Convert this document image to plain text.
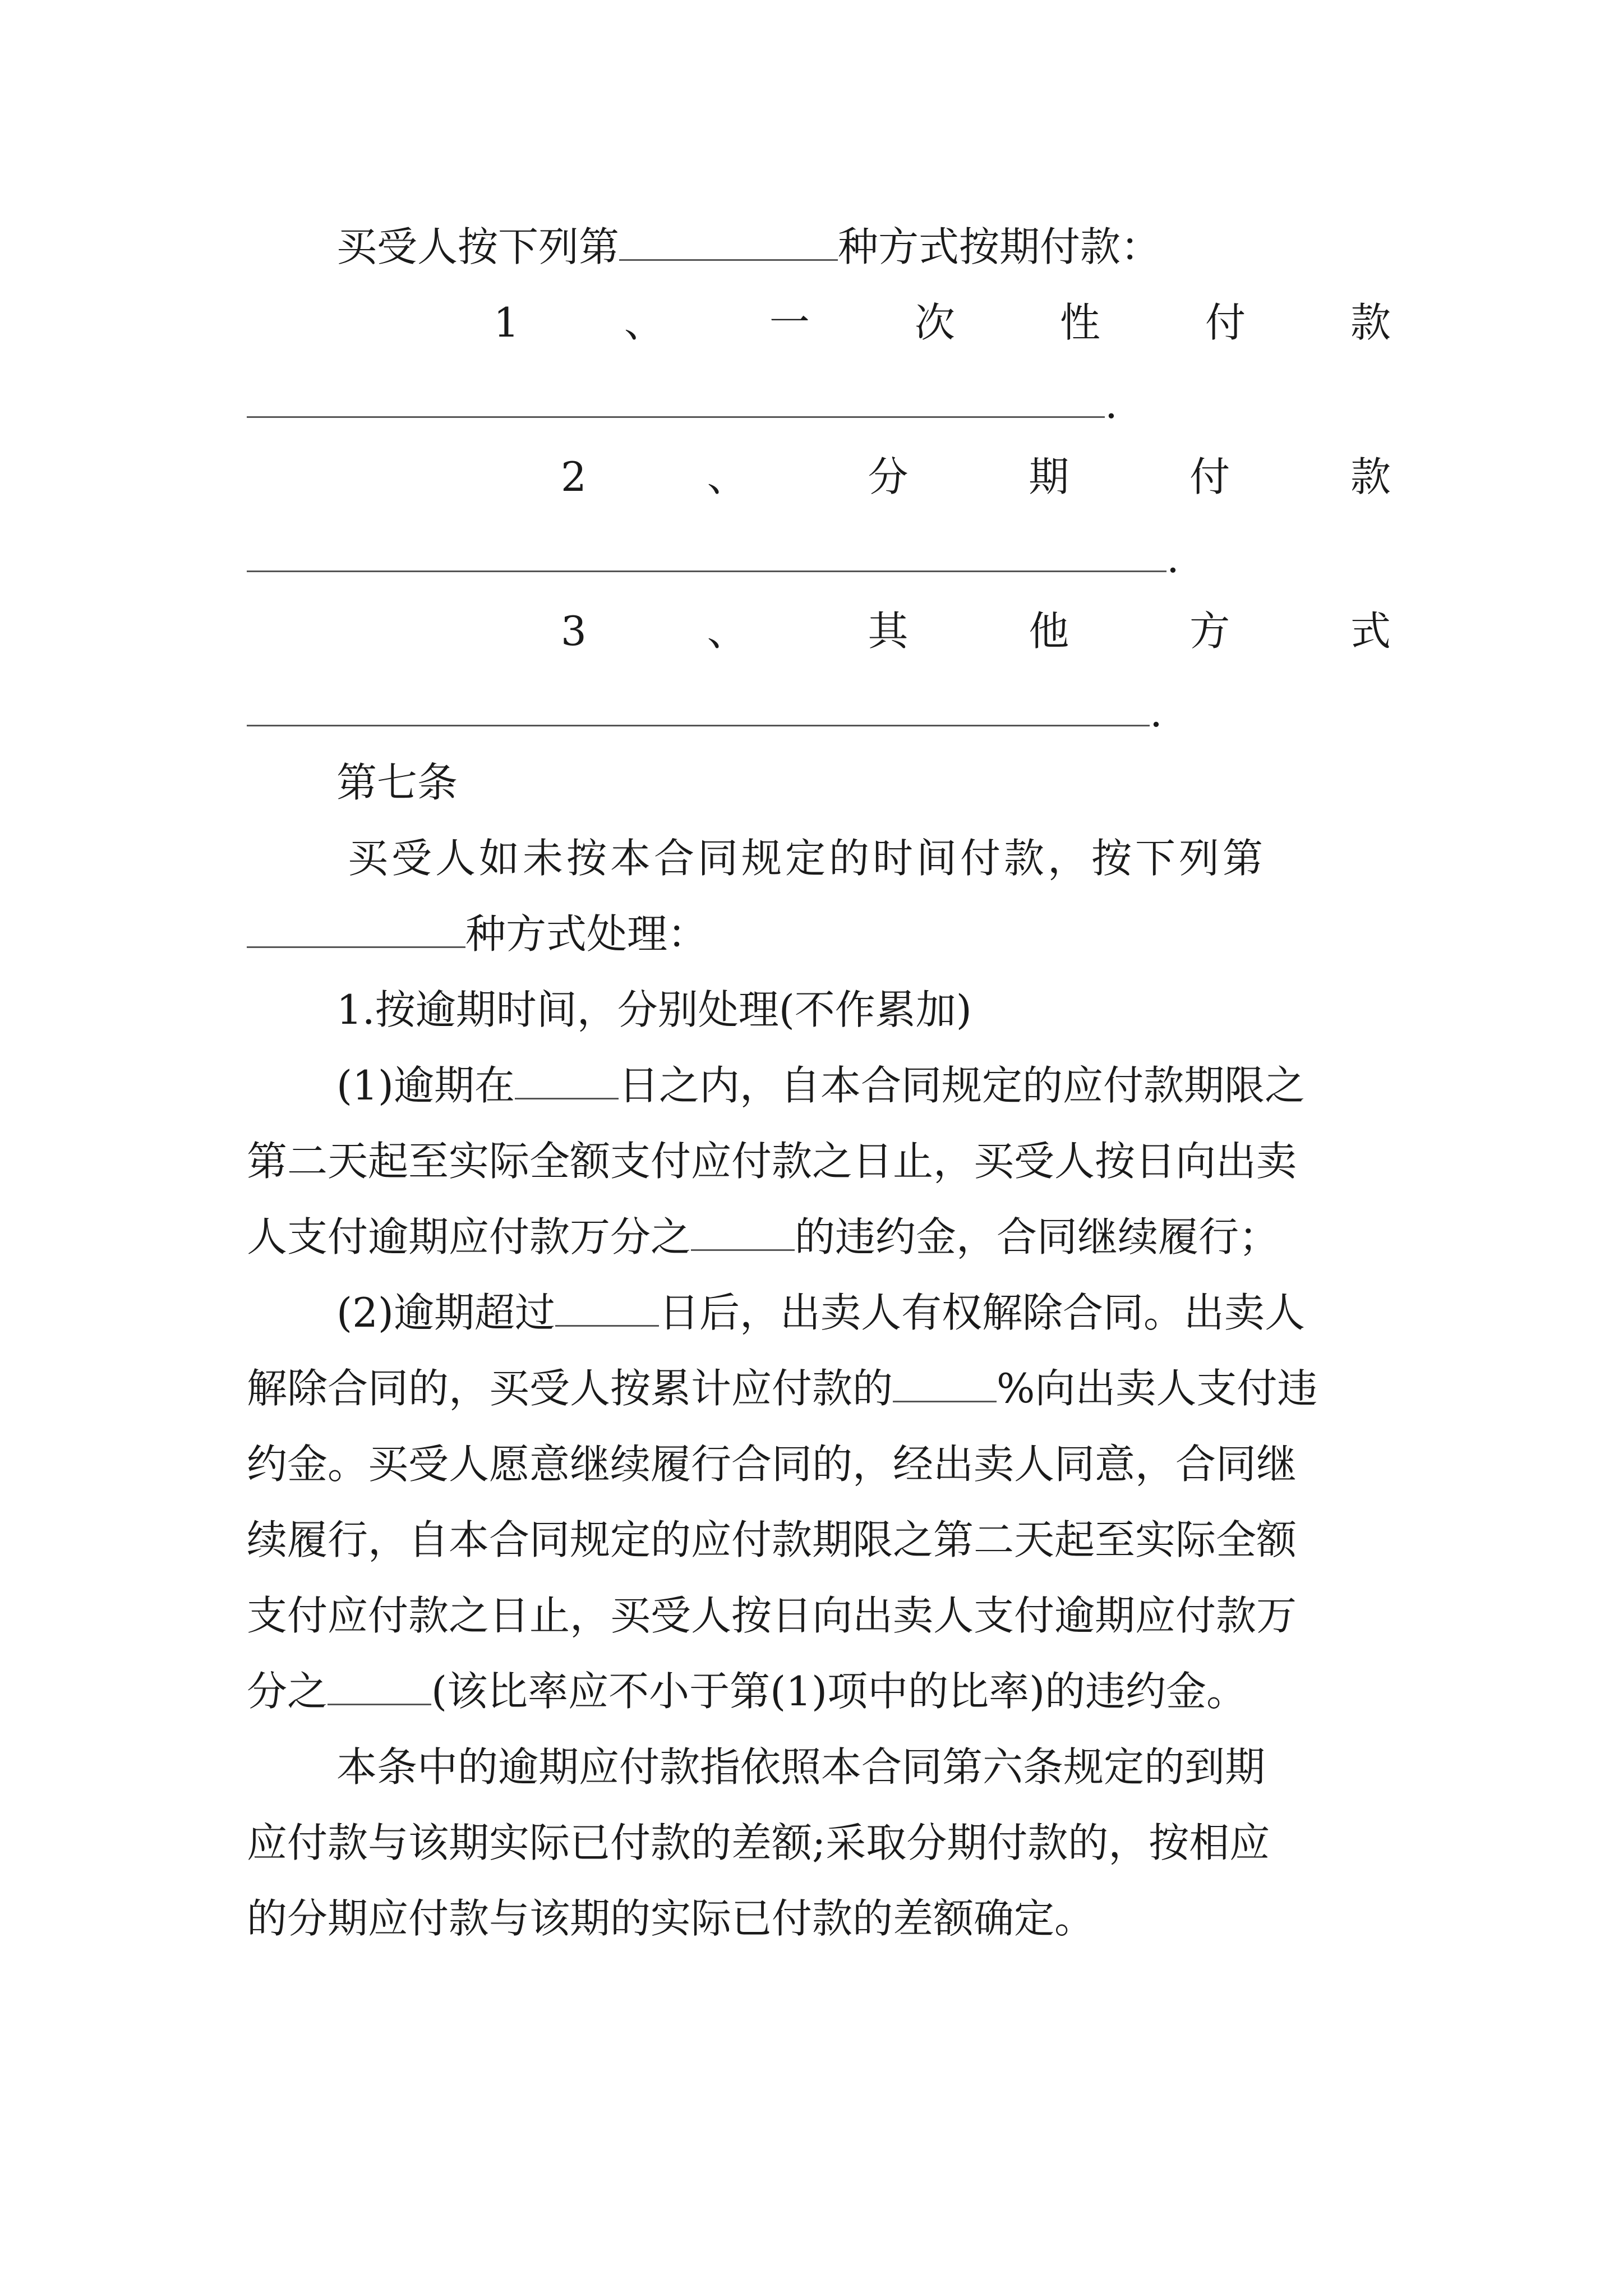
买受人按下列第	种方式按期付款：
1	、	一	次	性	付	款
.
2	、	分	期	付	款
.
3	、	其	他	方	式
.
第七条
买受人如未按本合同规定的时间付款，按下列第
种方式处理：
1.按逾期时间，分别处理(不作累加)
(1)逾期在	日之内，自本合同规定的应付款期限之
第二天起至实际全额支付应付款之日止，买受人按日向出卖
人支付逾期应付款万分之	的违约金，合同继续履行；
(2)逾期超过	日后，出卖人有权解除合同。出卖人
解除合同的，买受人按累计应付款的	%向出卖人支付违
约金。买受人愿意继续履行合同的，经出卖人同意，合同继
续履行，自本合同规定的应付款期限之第二天起至实际全额
支付应付款之日止，买受人按日向出卖人支付逾期应付款万
分之	(该比率应不小于第(1)项中的比率)的违约金。
本条中的逾期应付款指依照本合同第六条规定的到期
应付款与该期实际已付款的差额;采取分期付款的，按相应
的分期应付款与该期的实际已付款的差额确定。
